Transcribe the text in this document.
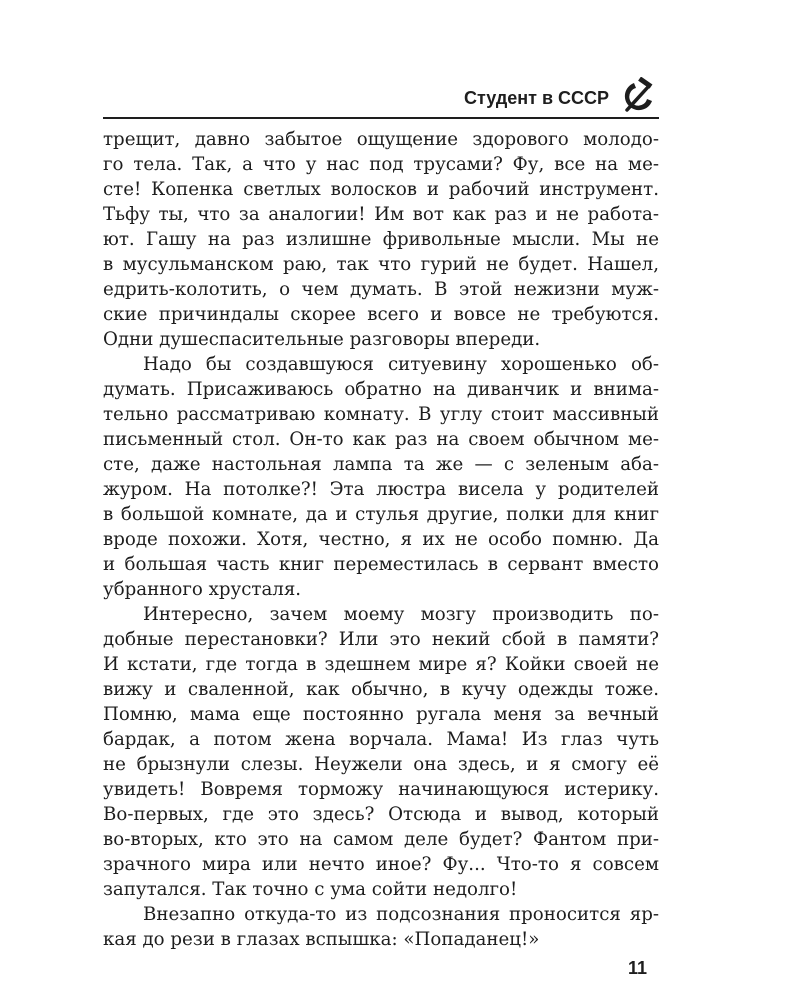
Студент в СССР
трещит, давно забытое ощущение здорового молодо-
го тела. Так, а что у нас под трусами? Фу, все на ме-
сте! Копенка светлых волосков и рабочий инструмент.
Тьфу ты, что за аналогии! Им вот как раз и не работа-
ют. Гашу на раз излишне фривольные мысли. Мы не
в мусульманском раю, так что гурий не будет. Нашел,
едрить-колотить, о чем думать. В этой нежизни муж-
ские причиндалы скорее всего и вовсе не требуются.
Одни душеспасительные разговоры впереди.
Надо бы создавшуюся ситуевину хорошенько об-
думать. Присаживаюсь обратно на диванчик и внима-
тельно рассматриваю комнату. В углу стоит массивный
письменный стол. Он-то как раз на своем обычном ме-
сте, даже настольная лампа та же — с зеленым аба-
журом. На потолке?! Эта люстра висела у родителей
в большой комнате, да и стулья другие, полки для книг
вроде похожи. Хотя, честно, я их не особо помню. Да
и большая часть книг переместилась в сервант вместо
убранного хрусталя.
Интересно, зачем моему мозгу производить по-
добные перестановки? Или это некий сбой в памяти?
И кстати, где тогда в здешнем мире я? Койки своей не
вижу и сваленной, как обычно, в кучу одежды тоже.
Помню, мама еще постоянно ругала меня за вечный
бардак, а потом жена ворчала. Мама! Из глаз чуть
не брызнули слезы. Неужели она здесь, и я смогу её
увидеть! Вовремя торможу начинающуюся истерику.
Во-первых, где это здесь? Отсюда и вывод, который
во-вторых, кто это на самом деле будет? Фантом при-
зрачного мира или нечто иное? Фу... Что-то я совсем
запутался. Так точно с ума сойти недолго!
Внезапно откуда-то из подсознания проносится яр-
кая до рези в глазах вспышка: «Попаданец!»
11
